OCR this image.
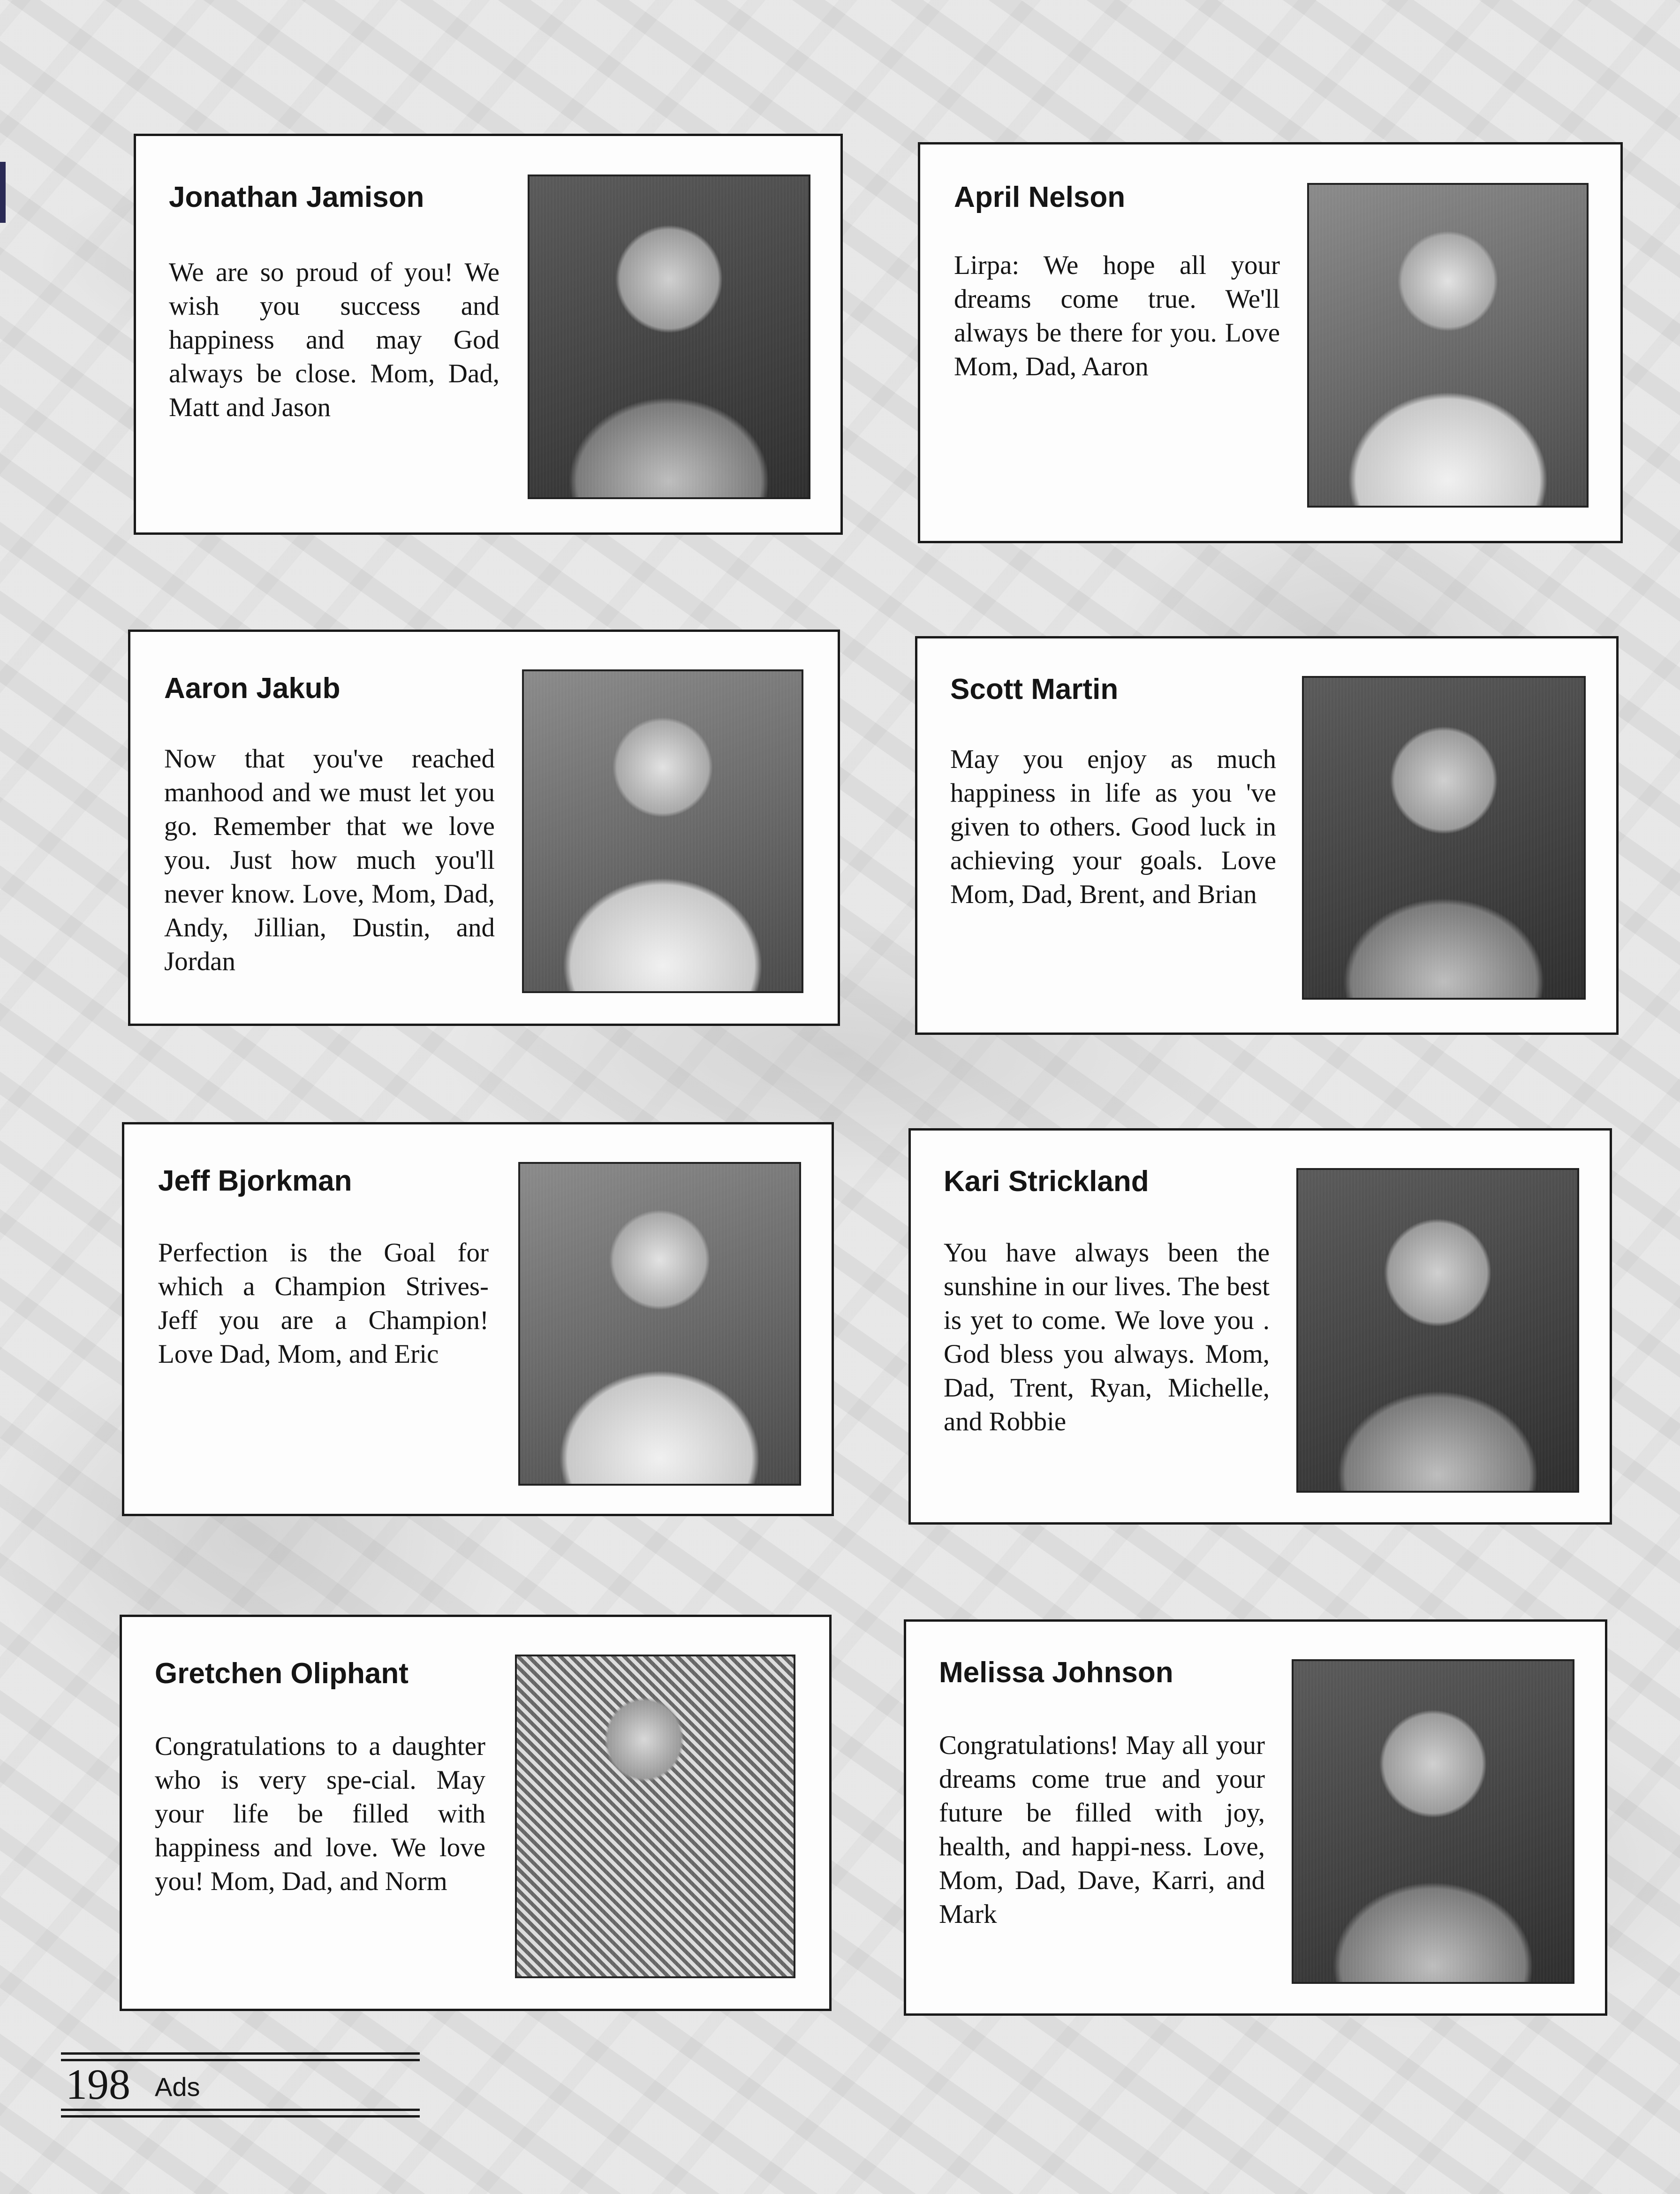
Jonathan Jamison
We are so proud of you! We wish you success and happiness and may God always be close. Mom, Dad, Matt and Jason
April Nelson
Lirpa: We hope all your dreams come true. We'll always be there for you. Love Mom, Dad, Aaron
Aaron Jakub
Now that you've reached manhood and we must let you go. Remember that we love you. Just how much you'll never know. Love, Mom, Dad, Andy, Jillian, Dustin, and Jordan
Scott Martin
May you enjoy as much happiness in life as you 've given to others. Good luck in achieving your goals. Love Mom, Dad, Brent, and Brian
Jeff Bjorkman
Perfection is the Goal for which a Champion Strives-Jeff you are a Champion! Love Dad, Mom, and Eric
Kari Strickland
You have always been the sunshine in our lives. The best is yet to come. We love you . God bless you always. Mom, Dad, Trent, Ryan, Michelle, and Robbie
Gretchen Oliphant
Congratulations to a daughter who is very spe-cial. May your life be filled with happiness and love. We love you! Mom, Dad, and Norm
Melissa Johnson
Congratulations! May all your dreams come true and your future be filled with joy, health, and happi-ness. Love, Mom, Dad, Dave, Karri, and Mark
198 Ads
